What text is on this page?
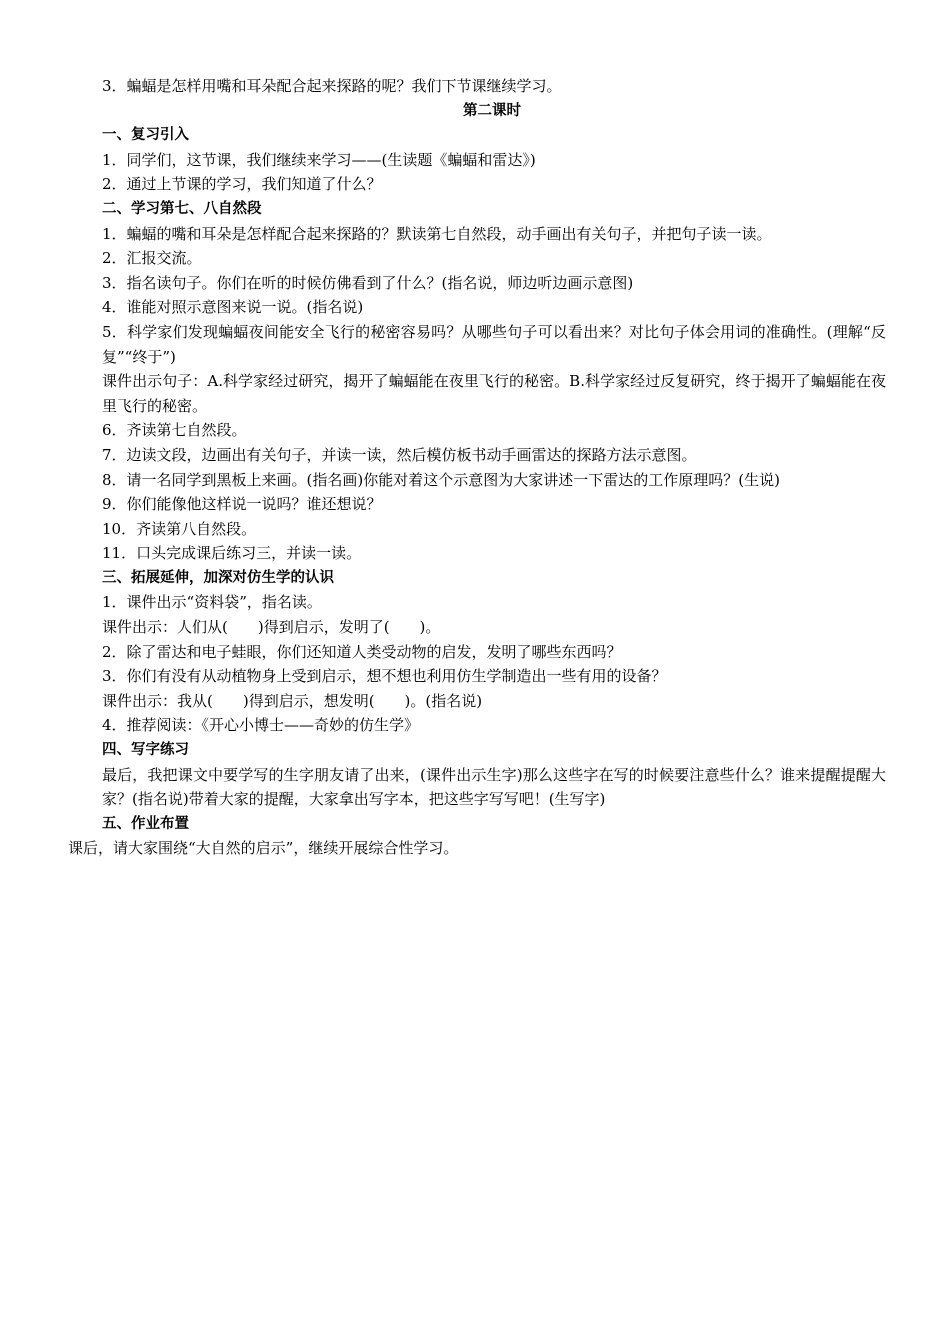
3．蝙蝠是怎样用嘴和耳朵配合起来探路的呢？我们下节课继续学习。
第二课时
一、复习引入
1．同学们，这节课，我们继续来学习——(生读题《蝙蝠和雷达》)
2．通过上节课的学习，我们知道了什么？
二、学习第七、八自然段
1．蝙蝠的嘴和耳朵是怎样配合起来探路的？默读第七自然段，动手画出有关句子，并把句子读一读。
2．汇报交流。
3．指名读句子。你们在听的时候仿佛看到了什么？(指名说，师边听边画示意图)
4．谁能对照示意图来说一说。(指名说)
5．科学家们发现蝙蝠夜间能安全飞行的秘密容易吗？从哪些句子可以看出来？对比句子体会用词的准确性。(理解“反复”“终于”)
课件出示句子：A.科学家经过研究，揭开了蝙蝠能在夜里飞行的秘密。B.科学家经过反复研究，终于揭开了蝙蝠能在夜里飞行的秘密。
6．齐读第七自然段。
7．边读文段，边画出有关句子，并读一读，然后模仿板书动手画雷达的探路方法示意图。
8．请一名同学到黑板上来画。(指名画)你能对着这个示意图为大家讲述一下雷达的工作原理吗？(生说)
9．你们能像他这样说一说吗？谁还想说？
10．齐读第八自然段。
11．口头完成课后练习三，并读一读。
三、拓展延伸，加深对仿生学的认识
1．课件出示“资料袋”，指名读。
课件出示：人们从(　　)得到启示，发明了(　　)。
2．除了雷达和电子蛙眼，你们还知道人类受动物的启发，发明了哪些东西吗？
3．你们有没有从动植物身上受到启示，想不想也利用仿生学制造出一些有用的设备？
课件出示：我从(　　)得到启示，想发明(　　)。(指名说)
4．推荐阅读：《开心小博士——奇妙的仿生学》
四、写字练习
最后，我把课文中要学写的生字朋友请了出来，(课件出示生字)那么这些字在写的时候要注意些什么？谁来提醒提醒大家？(指名说)带着大家的提醒，大家拿出写字本，把这些字写写吧！(生写字)
五、作业布置
课后，请大家围绕“大自然的启示”，继续开展综合性学习。
